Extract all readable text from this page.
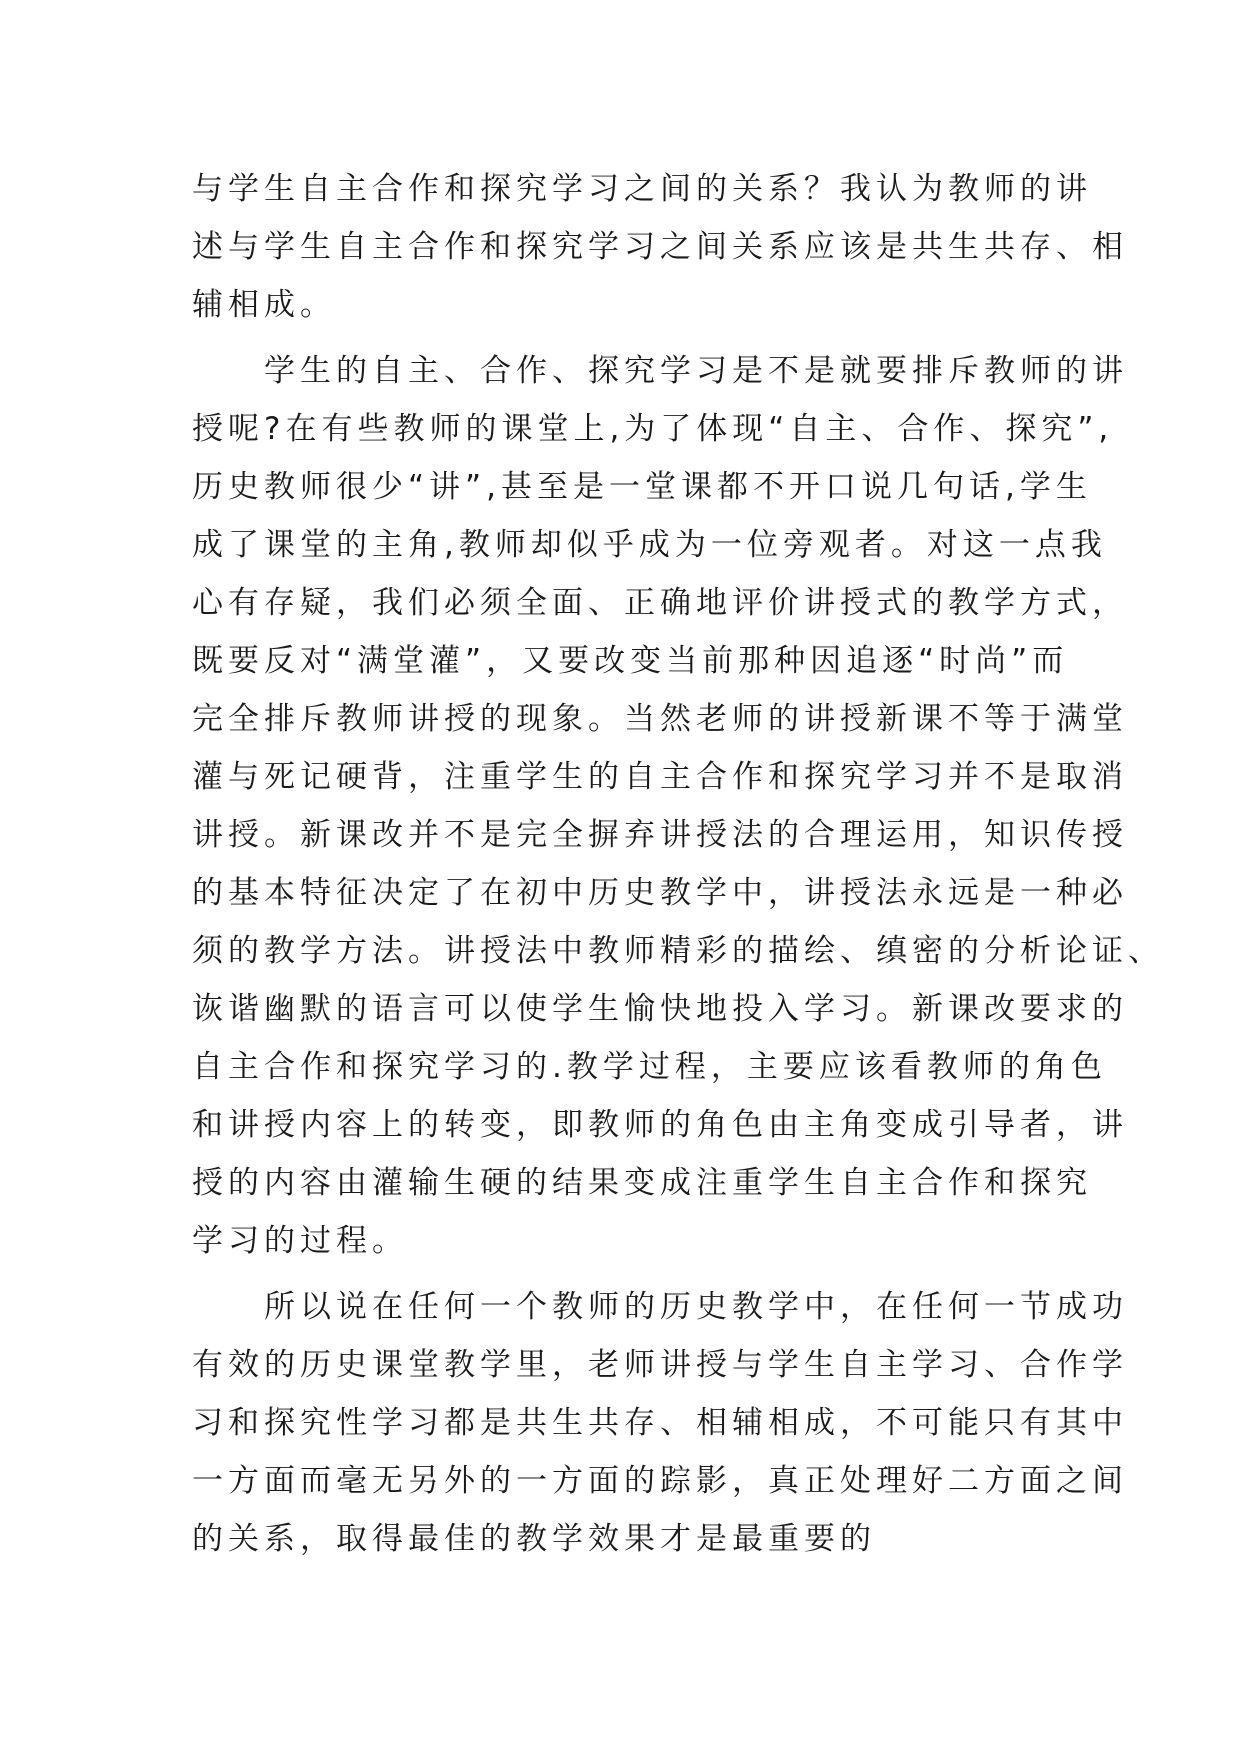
与学生自主合作和探究学习之间的关系？我认为教师的讲
述与学生自主合作和探究学习之间关系应该是共生共存、相
辅相成。

　　学生的自主、合作、探究学习是不是就要排斥教师的讲
授呢?在有些教师的课堂上,为了体现“自主、合作、探究”,
历史教师很少“讲”,甚至是一堂课都不开口说几句话,学生
成了课堂的主角,教师却似乎成为一位旁观者。对这一点我
心有存疑，我们必须全面、正确地评价讲授式的教学方式，
既要反对“满堂灌”，又要改变当前那种因追逐“时尚”而
完全排斥教师讲授的现象。当然老师的讲授新课不等于满堂
灌与死记硬背，注重学生的自主合作和探究学习并不是取消
讲授。新课改并不是完全摒弃讲授法的合理运用，知识传授
的基本特征决定了在初中历史教学中，讲授法永远是一种必
须的教学方法。讲授法中教师精彩的描绘、缜密的分析论证、
诙谐幽默的语言可以使学生愉快地投入学习。新课改要求的
自主合作和探究学习的.教学过程，主要应该看教师的角色
和讲授内容上的转变，即教师的角色由主角变成引导者，讲
授的内容由灌输生硬的结果变成注重学生自主合作和探究
学习的过程。

　　所以说在任何一个教师的历史教学中，在任何一节成功
有效的历史课堂教学里，老师讲授与学生自主学习、合作学
习和探究性学习都是共生共存、相辅相成，不可能只有其中
一方面而毫无另外的一方面的踪影，真正处理好二方面之间
的关系，取得最佳的教学效果才是最重要的
